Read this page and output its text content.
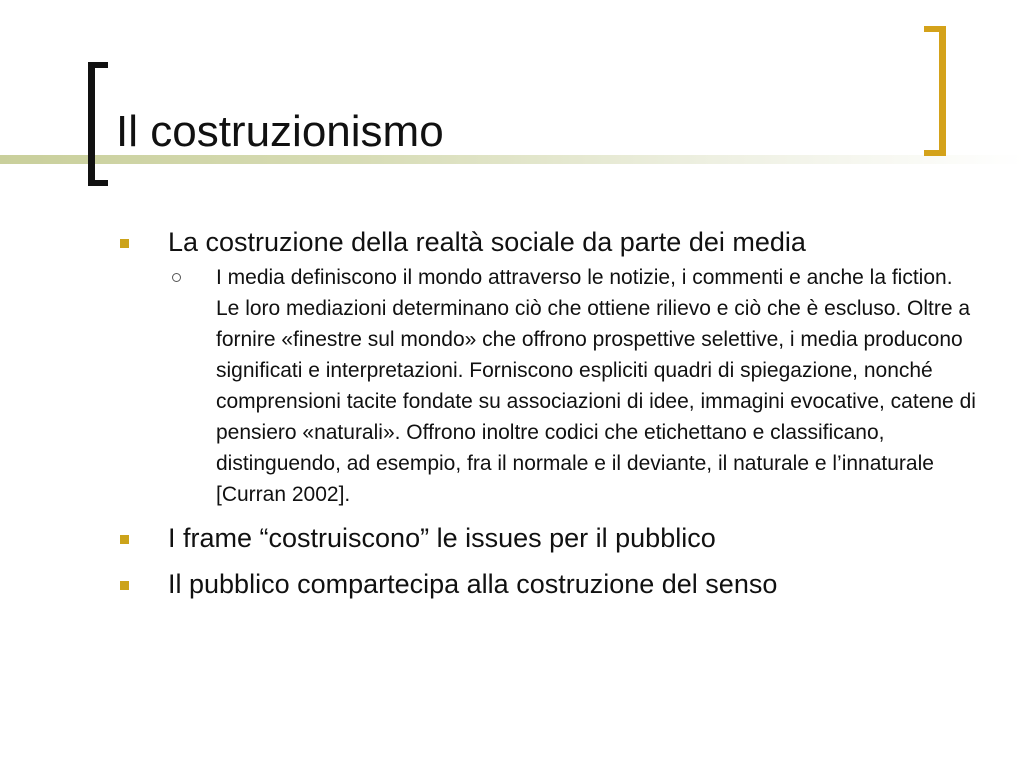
Il costruzionismo
La costruzione della realtà sociale da parte dei media
I media definiscono il mondo attraverso le notizie, i commenti e anche la fiction. Le loro mediazioni determinano ciò che ottiene rilievo e ciò che è escluso. Oltre a fornire «finestre sul mondo» che offrono prospettive selettive, i media producono significati e interpretazioni. Forniscono espliciti quadri di spiegazione, nonché comprensioni tacite fondate su associazioni di idee, immagini evocative, catene di pensiero «naturali». Offrono inoltre codici che etichettano e classificano, distinguendo, ad esempio, fra il normale e il deviante, il naturale e l’innaturale [Curran 2002].
I frame “costruiscono” le issues per il pubblico
Il pubblico compartecipa alla costruzione del senso
